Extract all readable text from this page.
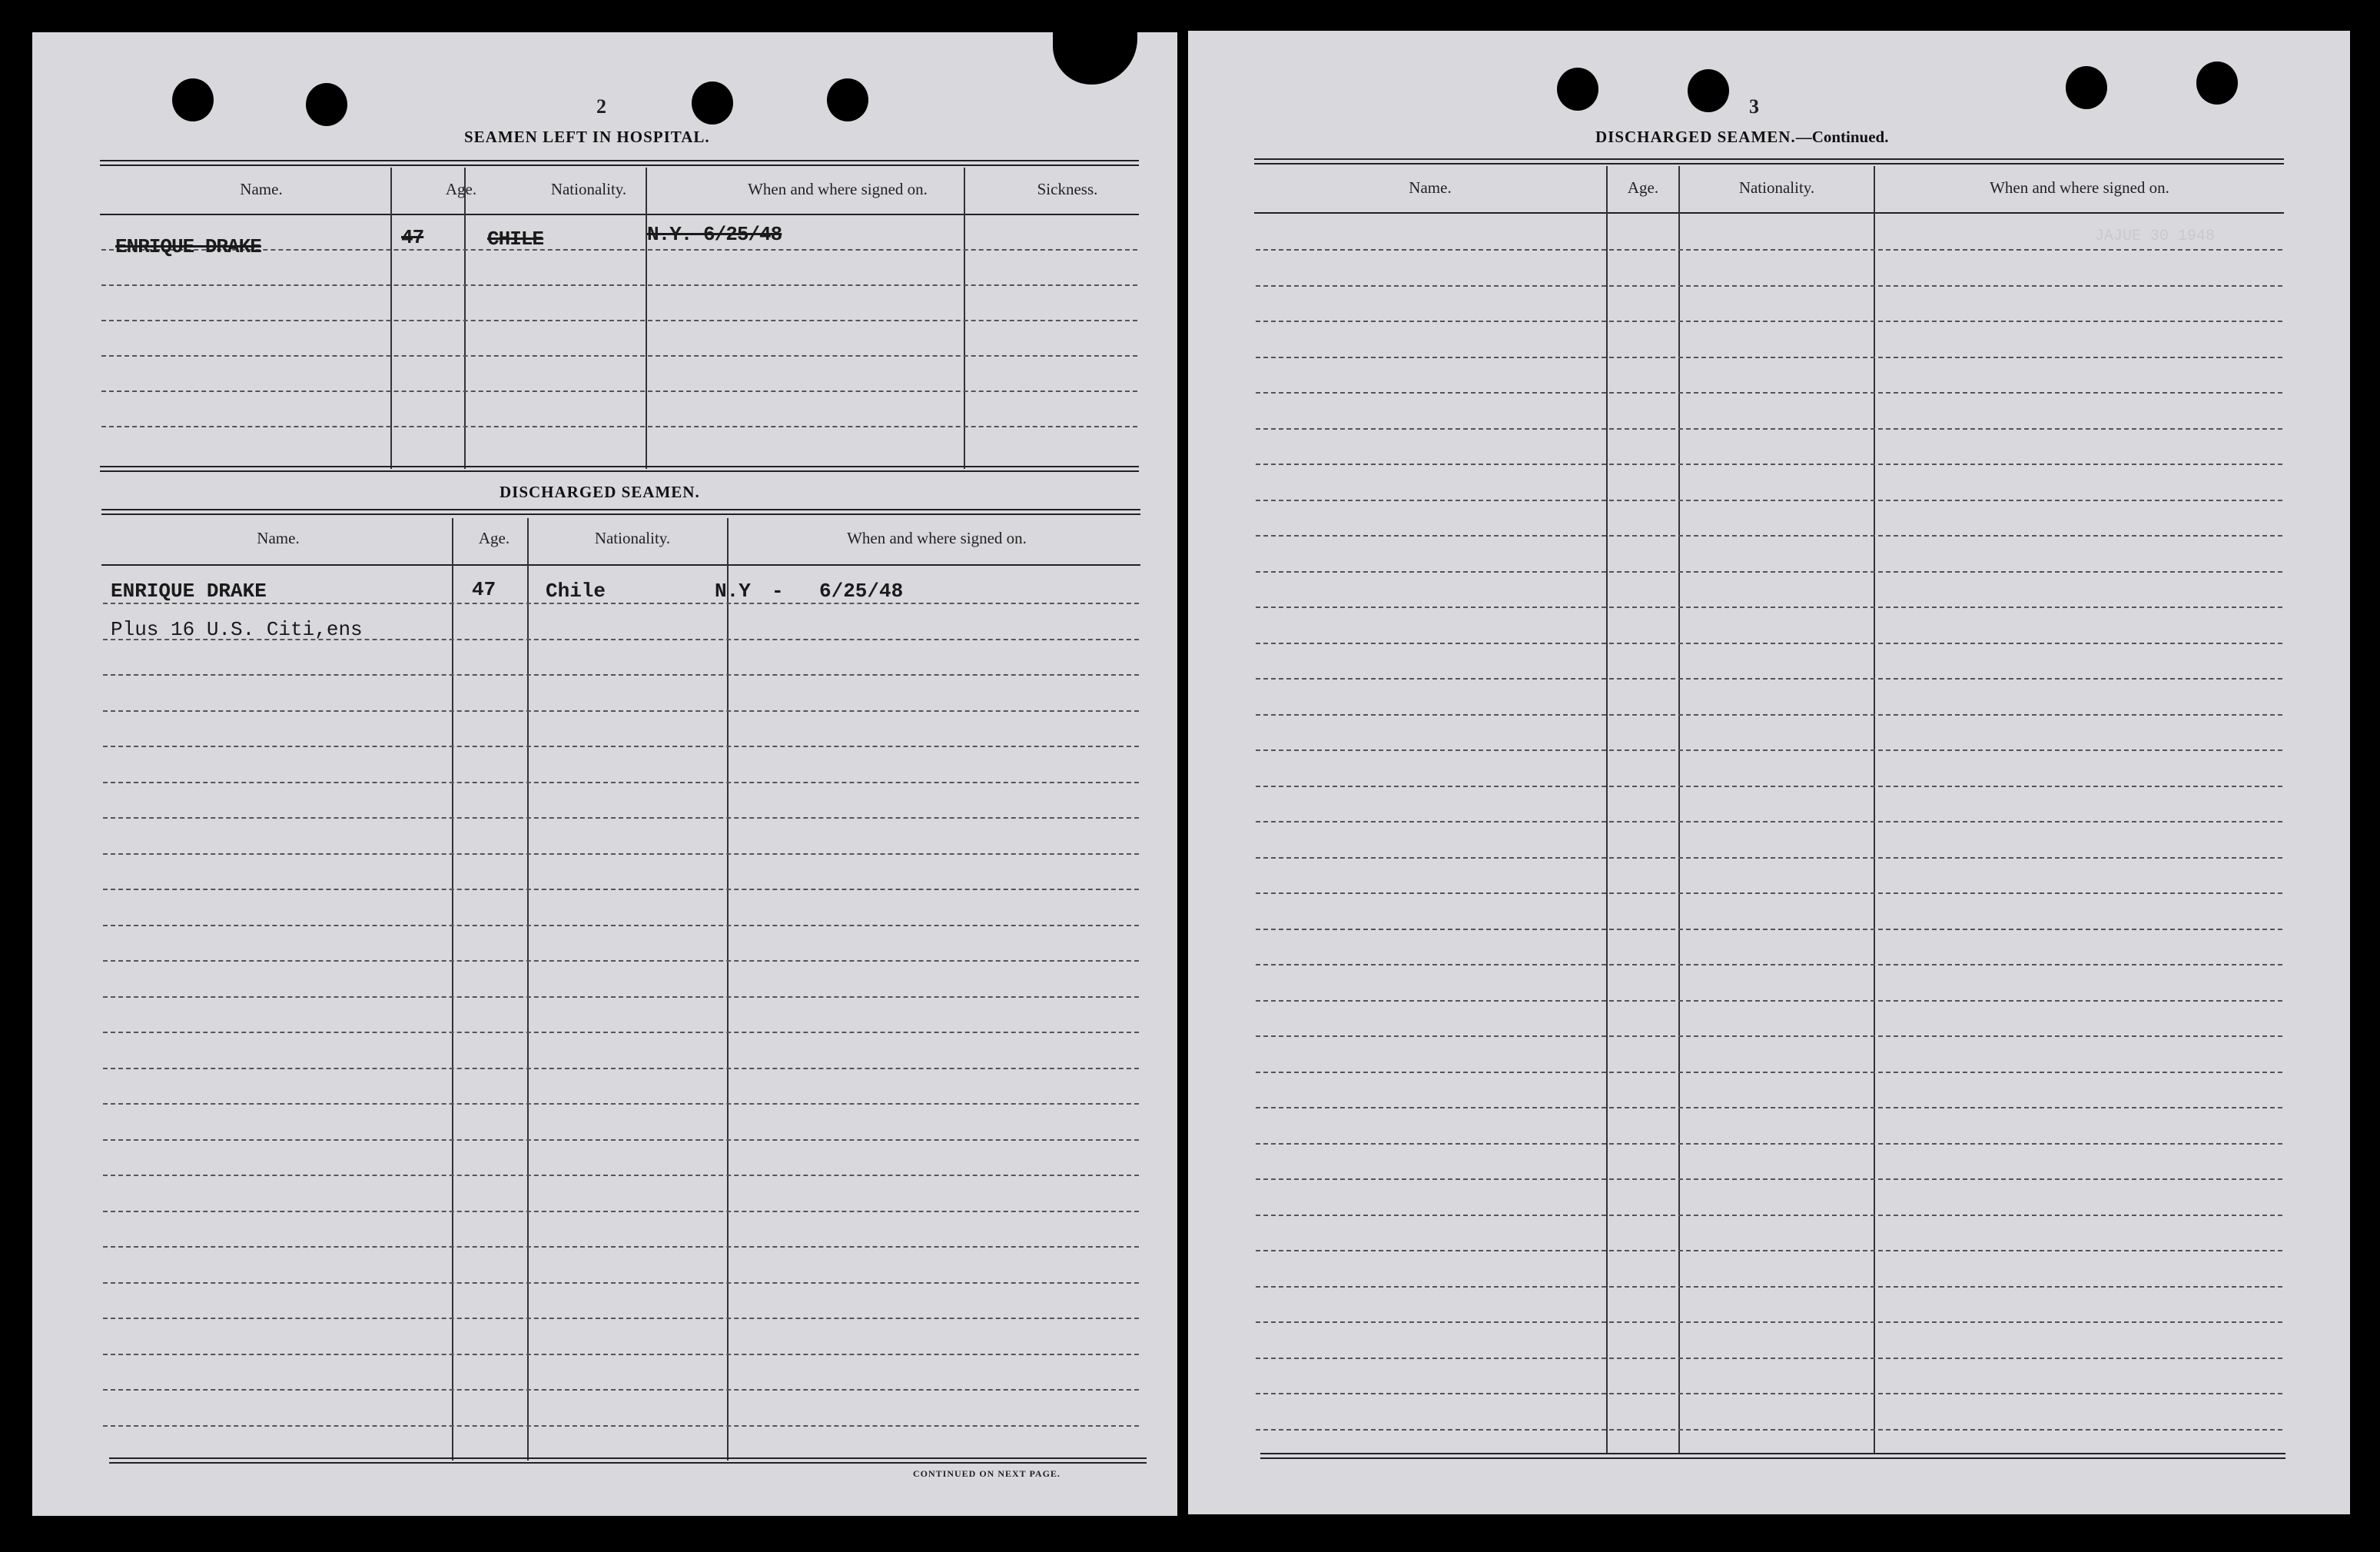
2
SEAMEN LEFT IN HOSPITAL.
Name.	Age.	Nationality.	When and where signed on.	Sickness.
ENRIQUE DRAKE	47	CHILE	N.Y. 6/25/48
DISCHARGED SEAMEN.
Name.	Age.	Nationality.	When and where signed on.
ENRIQUE DRAKE	47 Chile	N.Y - 6/25/48
Plus 16 U.S. Citi,ens
CONTINUED ON NEXT PAGE.
3
DISCHARGED SEAMEN.—Continued.
Name.	Age.	Nationality.	When and where signed on.
JAJUE 30 1948
